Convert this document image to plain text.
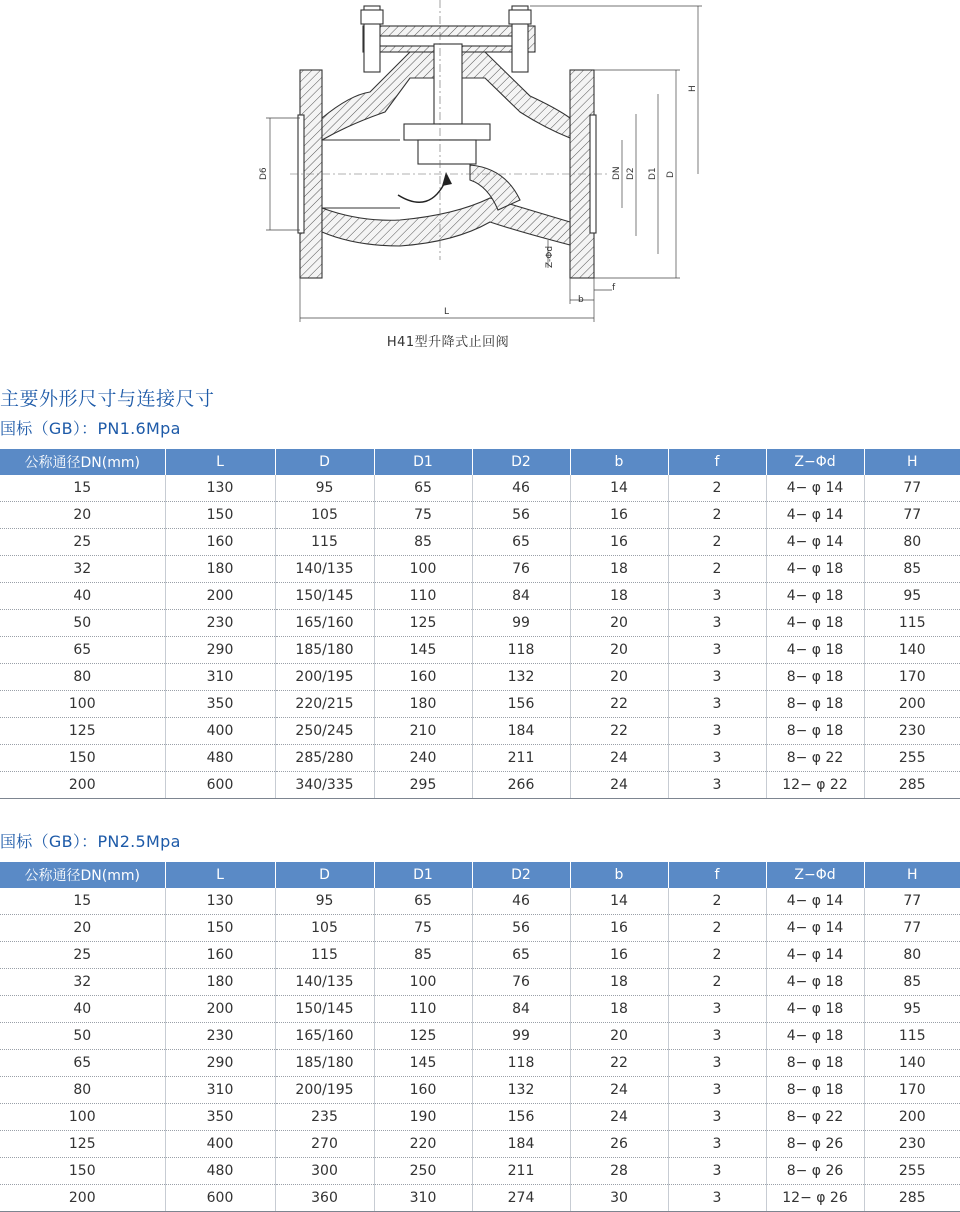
L
D6	DN D2 D1 D
H
b
f
Z-Φd
H41型升降式止回阀
主要外形尺寸与连接尺寸
国标（GB）：PN1.6Mpa
公称通径DN(mm)	L	D	D1	D2	b	f	Z−Φd	H
15	130	95	65	46	14	2	4− φ 14	77
20	150	105	75	56	16	2	4− φ 14	77
25	160	115	85	65	16	2	4− φ 14	80
32	180	140/135	100	76	18	2	4− φ 18	85
40	200	150/145	110	84	18	3	4− φ 18	95
50	230	165/160	125	99	20	3	4− φ 18	115
65	290	185/180	145	118	20	3	4− φ 18	140
80	310	200/195	160	132	20	3	8− φ 18	170
100	350	220/215	180	156	22	3	8− φ 18	200
125	400	250/245	210	184	22	3	8− φ 18	230
150	480	285/280	240	211	24	3	8− φ 22	255
200	600	340/335	295	266	24	3	12− φ 22	285
国标（GB）：PN2.5Mpa
公称通径DN(mm)	L	D	D1	D2	b	f	Z−Φd	H
15	130	95	65	46	14	2	4− φ 14	77
20	150	105	75	56	16	2	4− φ 14	77
25	160	115	85	65	16	2	4− φ 14	80
32	180	140/135	100	76	18	2	4− φ 18	85
40	200	150/145	110	84	18	3	4− φ 18	95
50	230	165/160	125	99	20	3	4− φ 18	115
65	290	185/180	145	118	22	3	8− φ 18	140
80	310	200/195	160	132	24	3	8− φ 18	170
100	350	235	190	156	24	3	8− φ 22	200
125	400	270	220	184	26	3	8− φ 26	230
150	480	300	250	211	28	3	8− φ 26	255
200	600	360	310	274	30	3	12− φ 26	285
